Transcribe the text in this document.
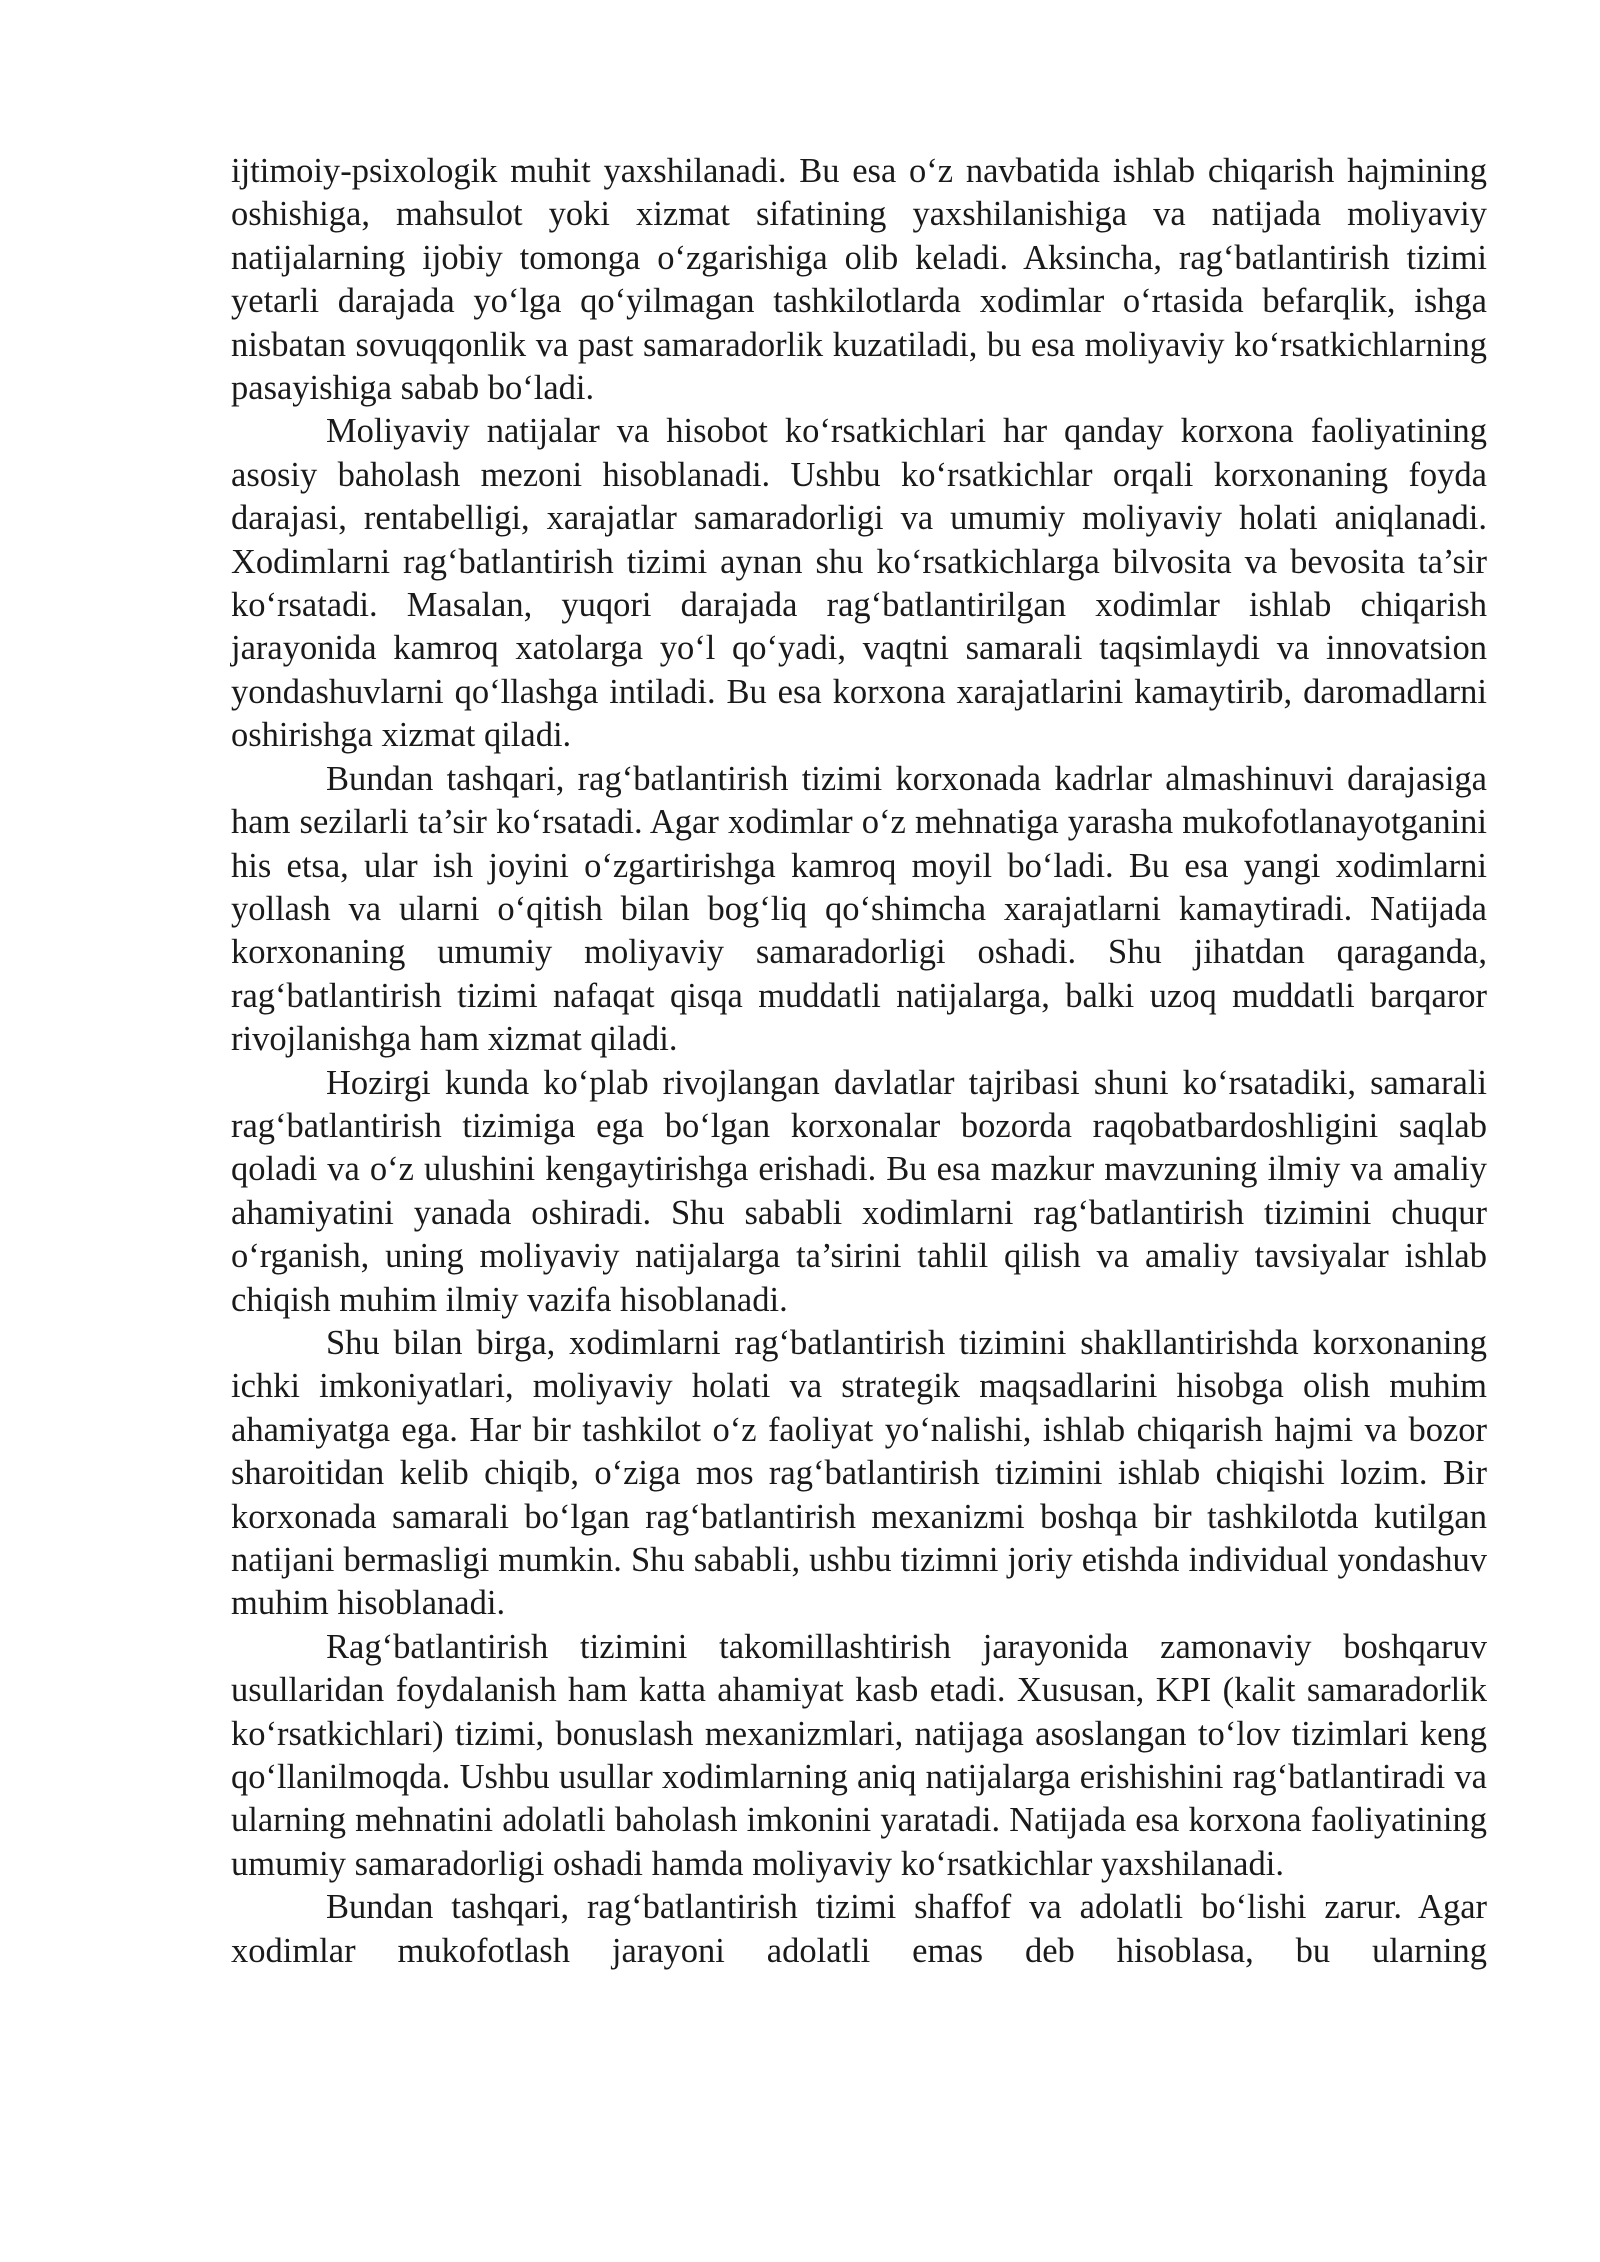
ijtimoiy-psixologik muhit yaxshilanadi. Bu esa o‘z navbatida ishlab chiqarish hajmining oshishiga, mahsulot yoki xizmat sifatining yaxshilanishiga va natijada moliyaviy natijalarning ijobiy tomonga o‘zgarishiga olib keladi. Aksincha, rag‘batlantirish tizimi yetarli darajada yo‘lga qo‘yilmagan tashkilotlarda xodimlar o‘rtasida befarqlik, ishga nisbatan sovuqqonlik va past samaradorlik kuzatiladi, bu esa moliyaviy ko‘rsatkichlarning pasayishiga sabab bo‘ladi.

Moliyaviy natijalar va hisobot ko‘rsatkichlari har qanday korxona faoliyatining asosiy baholash mezoni hisoblanadi. Ushbu ko‘rsatkichlar orqali korxonaning foyda darajasi, rentabelligi, xarajatlar samaradorligi va umumiy moliyaviy holati aniqlanadi. Xodimlarni rag‘batlantirish tizimi aynan shu ko‘rsatkichlarga bilvosita va bevosita ta’sir ko‘rsatadi. Masalan, yuqori darajada rag‘batlantirilgan xodimlar ishlab chiqarish jarayonida kamroq xatolarga yo‘l qo‘yadi, vaqtni samarali taqsimlaydi va innovatsion yondashuvlarni qo‘llashga intiladi. Bu esa korxona xarajatlarini kamaytirib, daromadlarni oshirishga xizmat qiladi.

Bundan tashqari, rag‘batlantirish tizimi korxonada kadrlar almashinuvi darajasiga ham sezilarli ta’sir ko‘rsatadi. Agar xodimlar o‘z mehnatiga yarasha mukofotlanayotganini his etsa, ular ish joyini o‘zgartirishga kamroq moyil bo‘ladi. Bu esa yangi xodimlarni yollash va ularni o‘qitish bilan bog‘liq qo‘shimcha xarajatlarni kamaytiradi. Natijada korxonaning umumiy moliyaviy samaradorligi oshadi. Shu jihatdan qaraganda, rag‘batlantirish tizimi nafaqat qisqa muddatli natijalarga, balki uzoq muddatli barqaror rivojlanishga ham xizmat qiladi.

Hozirgi kunda ko‘plab rivojlangan davlatlar tajribasi shuni ko‘rsatadiki, samarali rag‘batlantirish tizimiga ega bo‘lgan korxonalar bozorda raqobatbardoshligini saqlab qoladi va o‘z ulushini kengaytirishga erishadi. Bu esa mazkur mavzuning ilmiy va amaliy ahamiyatini yanada oshiradi. Shu sababli xodimlarni rag‘batlantirish tizimini chuqur o‘rganish, uning moliyaviy natijalarga ta’sirini tahlil qilish va amaliy tavsiyalar ishlab chiqish muhim ilmiy vazifa hisoblanadi.

Shu bilan birga, xodimlarni rag‘batlantirish tizimini shakllantirishda korxonaning ichki imkoniyatlari, moliyaviy holati va strategik maqsadlarini hisobga olish muhim ahamiyatga ega. Har bir tashkilot o‘z faoliyat yo‘nalishi, ishlab chiqarish hajmi va bozor sharoitidan kelib chiqib, o‘ziga mos rag‘batlantirish tizimini ishlab chiqishi lozim. Bir korxonada samarali bo‘lgan rag‘batlantirish mexanizmi boshqa bir tashkilotda kutilgan natijani bermasligi mumkin. Shu sababli, ushbu tizimni joriy etishda individual yondashuv muhim hisoblanadi.

Rag‘batlantirish tizimini takomillashtirish jarayonida zamonaviy boshqaruv usullaridan foydalanish ham katta ahamiyat kasb etadi. Xususan, KPI (kalit samaradorlik ko‘rsatkichlari) tizimi, bonuslash mexanizmlari, natijaga asoslangan to‘lov tizimlari keng qo‘llanilmoqda. Ushbu usullar xodimlarning aniq natijalarga erishishini rag‘batlantiradi va ularning mehnatini adolatli baholash imkonini yaratadi. Natijada esa korxona faoliyatining umumiy samaradorligi oshadi hamda moliyaviy ko‘rsatkichlar yaxshilanadi.

Bundan tashqari, rag‘batlantirish tizimi shaffof va adolatli bo‘lishi zarur. Agar xodimlar mukofotlash jarayoni adolatli emas deb hisoblasa, bu ularning
